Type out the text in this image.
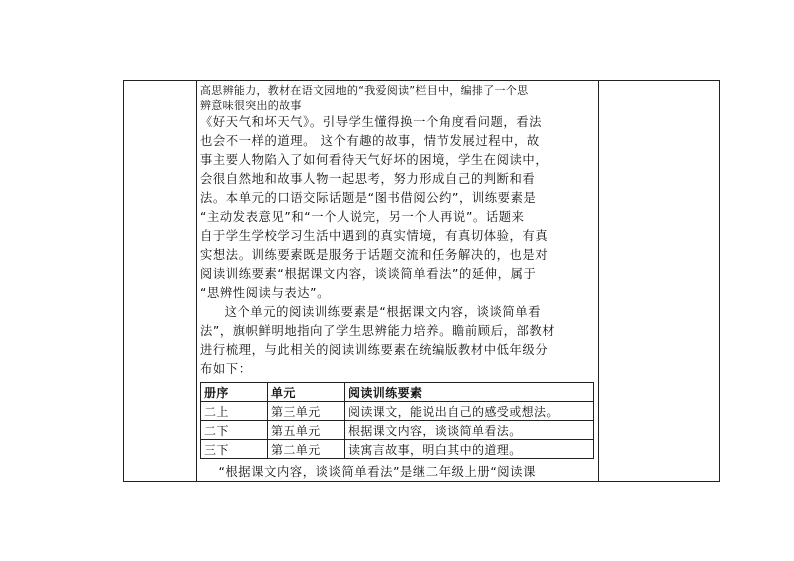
高思辨能力，教材在语文园地的“我爱阅读”栏目中，编排了一个思

辨意味很突出的故事

《好天气和坏天气》。引导学生懂得换一个角度看问题，看法

也会不一样的道理。 这个有趣的故事，情节发展过程中，故

事主要人物陷入了如何看待天气好坏的困境，学生在阅读中，

会很自然地和故事人物一起思考，努力形成自己的判断和看

法。本单元的口语交际话题是“图书借阅公约”，训练要素是

“主动发表意见”和“一个人说完，另一个人再说”。话题来

自于学生学校学习生活中遇到的真实情境，有真切体验，有真

实想法。训练要素既是服务于话题交流和任务解决的，也是对

阅读训练要素“根据课文内容，谈谈简单看法”的延伸，属于

“思辨性阅读与表达”。

这个单元的阅读训练要素是“根据课文内容，谈谈简单看

法”，旗帜鲜明地指向了学生思辨能力培养。瞻前顾后，部教材

进行梳理，与此相关的阅读训练要素在统编版教材中低年级分

布如下：

册序	单元	阅读训练要素
二上	第三单元	阅读课文，能说出自己的感受或想法。
二下	第五单元	根据课文内容，谈谈简单看法。
三下	第二单元	读寓言故事，明白其中的道理。

“根据课文内容，谈谈简单看法”是继二年级上册“阅读课
